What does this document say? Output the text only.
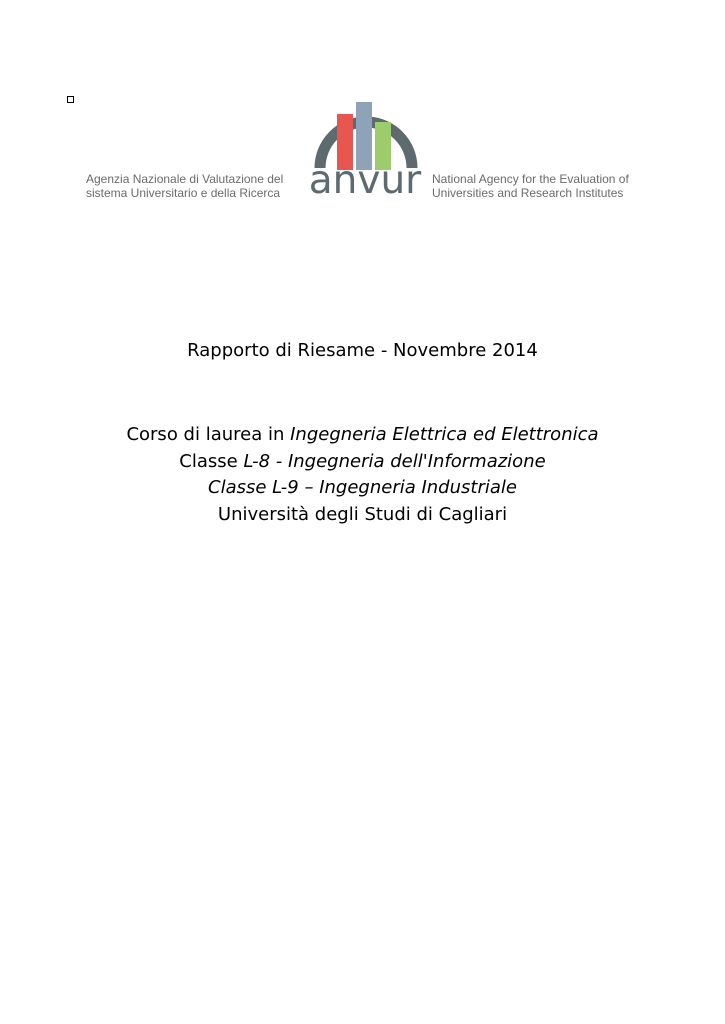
Agenzia Nazionale di Valutazione del
sistema Universitario e della Ricerca anvur National Agency for the Evaluation of
Universities and Research Institutes
Rapporto di Riesame - Novembre 2014
Corso di laurea in Ingegneria Elettrica ed Elettronica
Classe L-8 - Ingegneria dell'Informazione
Classe L-9 – Ingegneria Industriale
Università degli Studi di Cagliari
